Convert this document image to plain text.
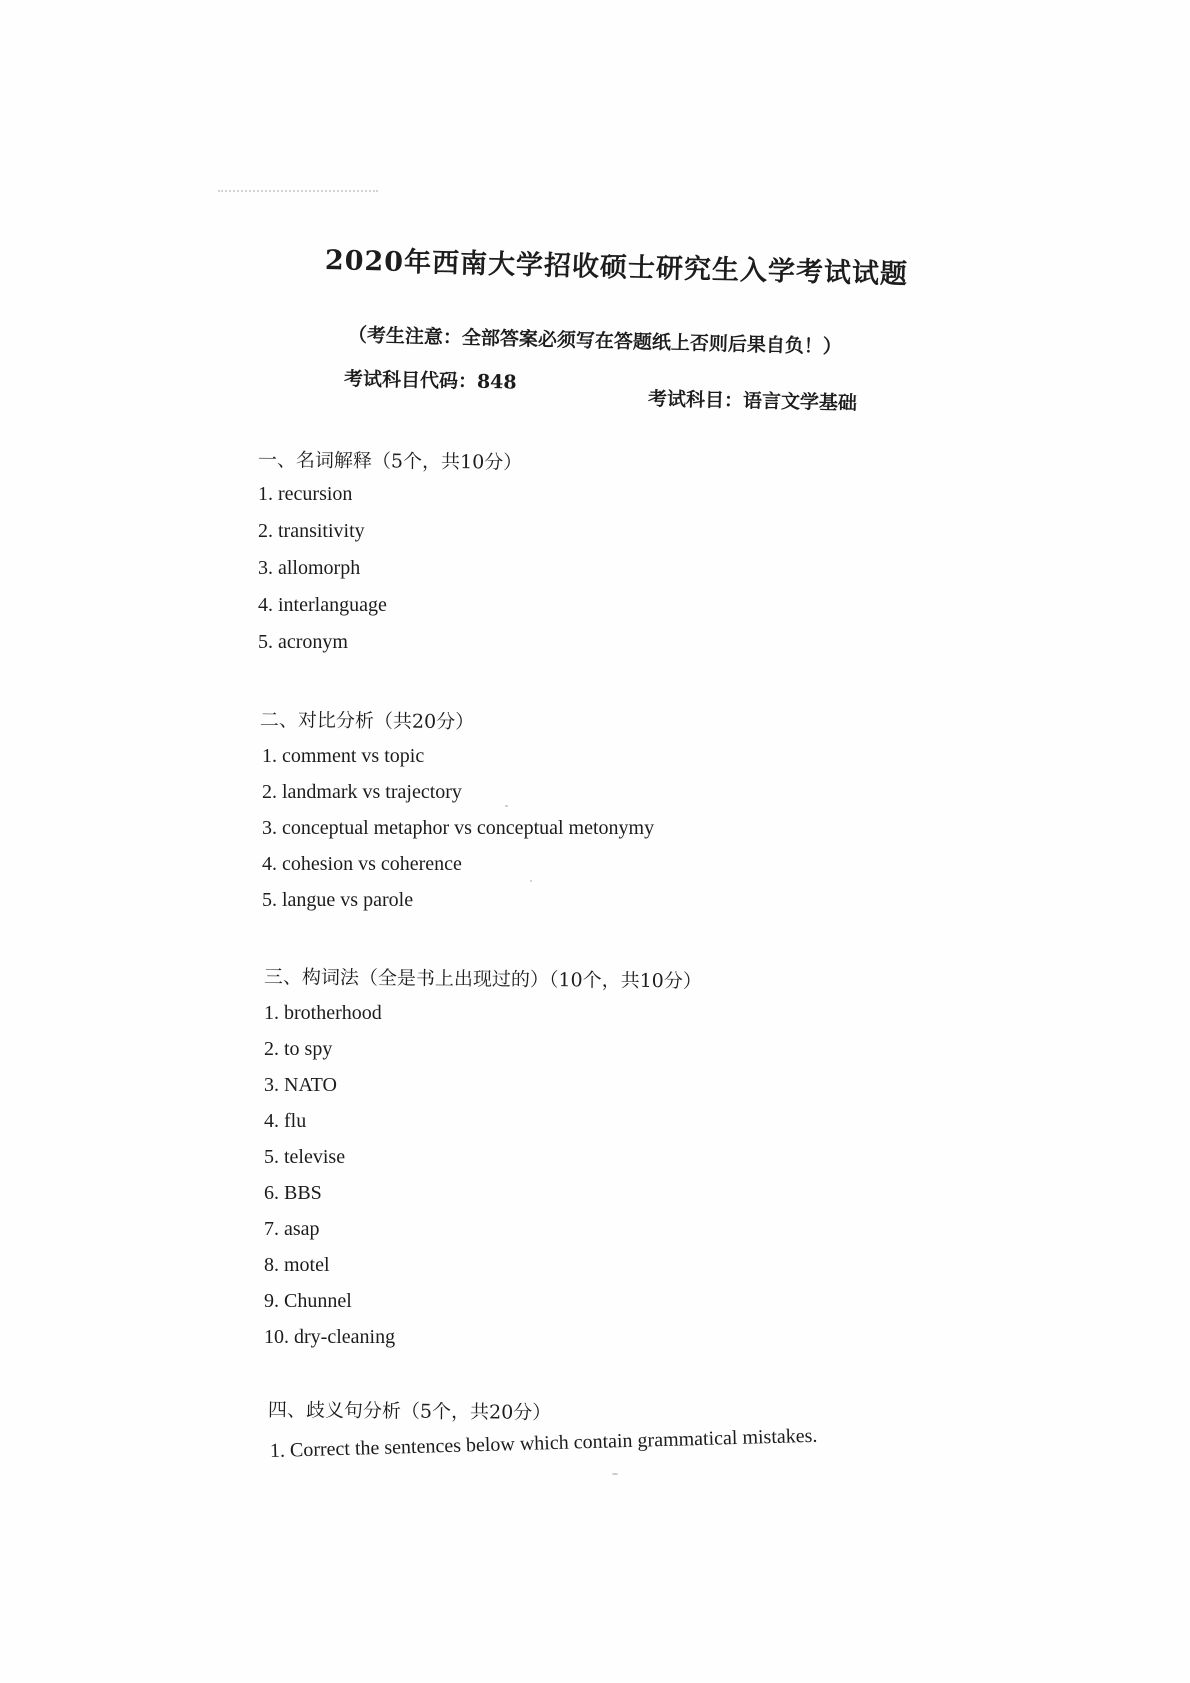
2020年西南大学招收硕士研究生入学考试试题
（考生注意：全部答案必须写在答题纸上否则后果自负！）
考试科目代码：848
考试科目：语言文学基础
一、名词解释（5个，共10分）
1. recursion
2. transitivity
3. allomorph
4. interlanguage
5. acronym
二、对比分析（共20分）
1. comment vs topic
2. landmark vs trajectory
3. conceptual metaphor vs conceptual metonymy
4. cohesion vs coherence
5. langue vs parole
三、构词法（全是书上出现过的）（10个，共10分）
1. brotherhood
2. to spy
3. NATO
4. flu
5. televise
6. BBS
7. asap
8. motel
9. Chunnel
10. dry-cleaning
四、歧义句分析（5个，共20分）
1. Correct the sentences below which contain grammatical mistakes.
